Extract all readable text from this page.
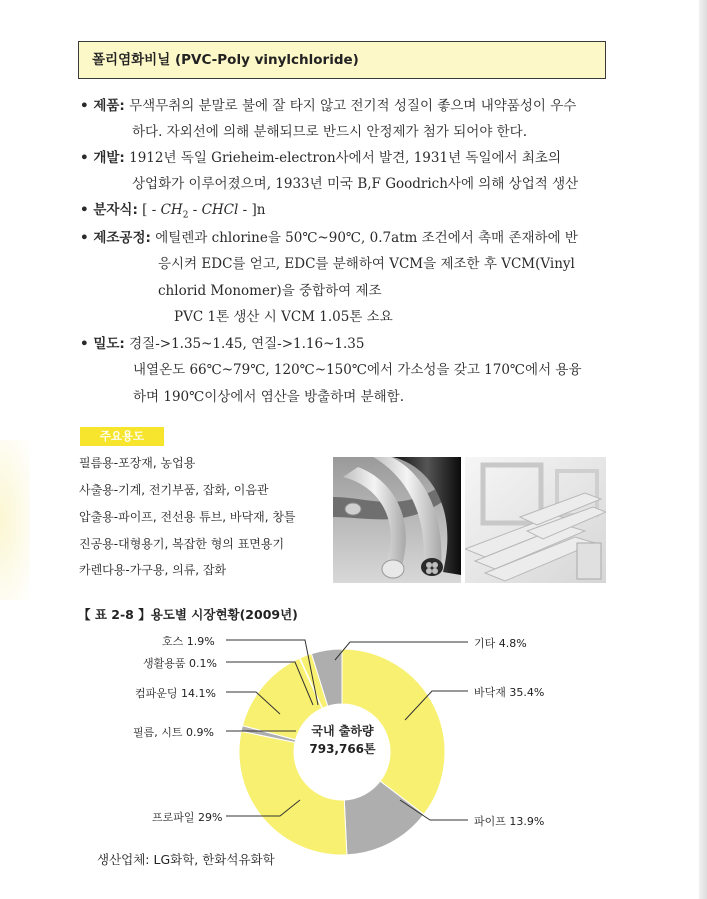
폴리염화비닐 (PVC-Poly vinylchloride)
• 제품: 무색무취의 분말로 불에 잘 타지 않고 전기적 성질이 좋으며 내약품성이 우수
하다. 자외선에 의해 분해되므로 반드시 안정제가 첨가 되어야 한다.
• 개발: 1912년 독일 Griеheim-electron사에서 발견, 1931년 독일에서 최초의
상업화가 이루어졌으며, 1933년 미국 B,F Goodrich사에 의해 상업적 생산
• 분자식: [ - $CH_2$ - CHCl - ]n
• 제조공정: 에틸렌과 chlorine을 50℃~90℃, 0.7atm 조건에서 촉매 존재하에 반
응시켜 EDC를 얻고, EDC를 분해하여 VCM을 제조한 후 VCM(Vinyl
chlorid Monomer)을 중합하여 제조
PVC 1톤 생산 시 VCM 1.05톤 소요
• 밀도: 경질->1.35~1.45, 연질->1.16~1.35
내열온도 66℃~79℃, 120℃~150℃에서 가소성을 갖고 170℃에서 용융
하며 190℃이상에서 염산을 방출하며 분해함.
주요용도
필름용-포장재, 농업용
사출용-기계, 전기부품, 잡화, 이음관
압출용-파이프, 전선용 튜브, 바닥재, 창틀
진공용-대형용기, 복잡한 형의 표면용기
카렌다용-가구용, 의류, 잡화
【 표 2-8 】용도별 시장현황(2009년)
국내 출하량
793,766톤
호스 1.9%
생활용품 0.1%
컴파운딩 14.1%
필름, 시트 0.9%
프로파일 29%
기타 4.8%
바닥재 35.4%
파이프 13.9%
생산업체: LG화학, 한화석유화학
